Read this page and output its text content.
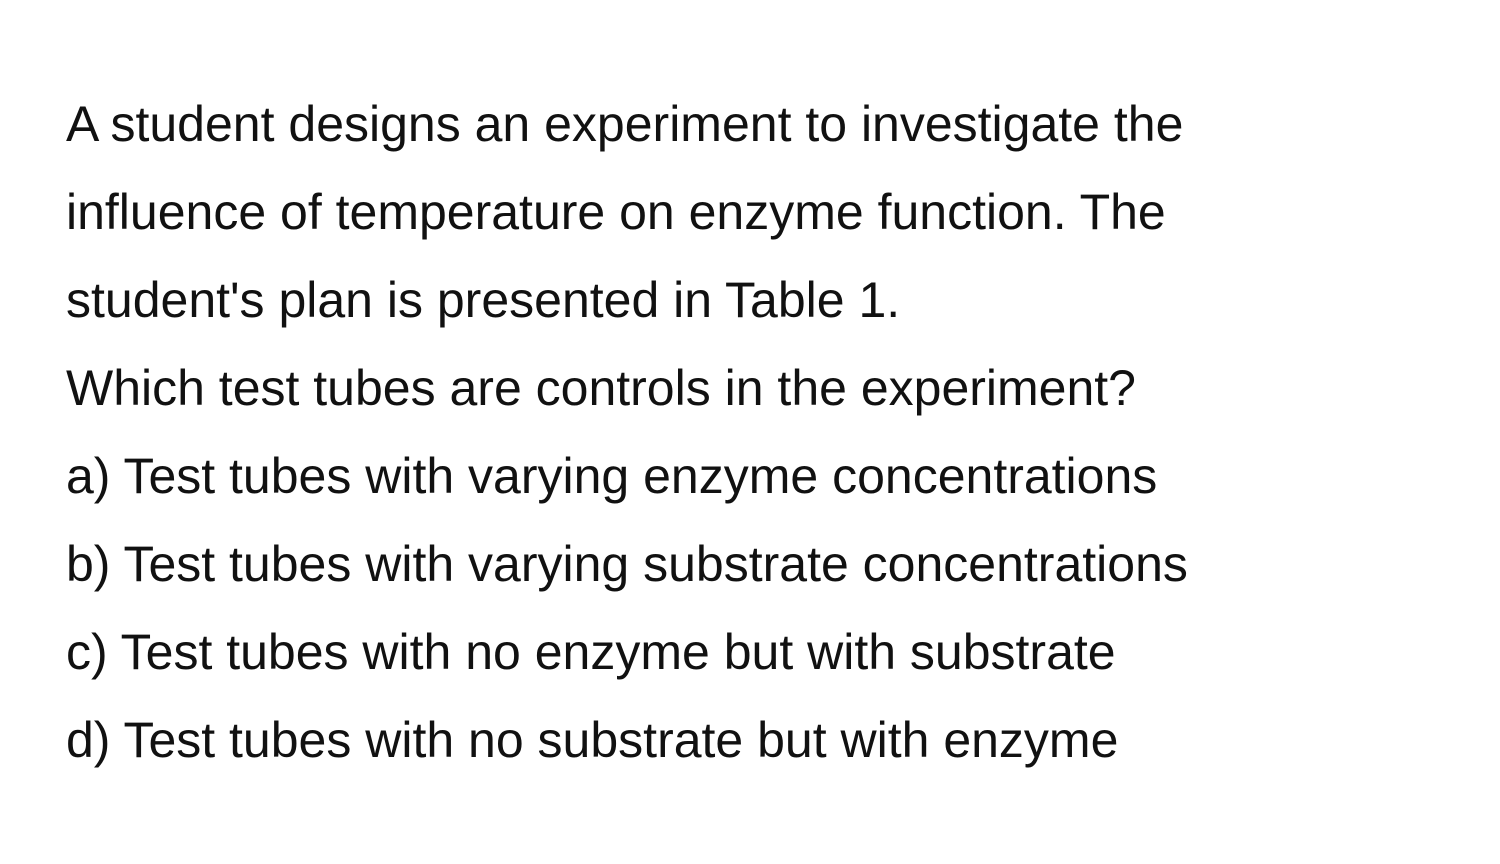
A student designs an experiment to investigate the
influence of temperature on enzyme function. The
student's plan is presented in Table 1.
Which test tubes are controls in the experiment?
a) Test tubes with varying enzyme concentrations
b) Test tubes with varying substrate concentrations
c) Test tubes with no enzyme but with substrate
d) Test tubes with no substrate but with enzyme
